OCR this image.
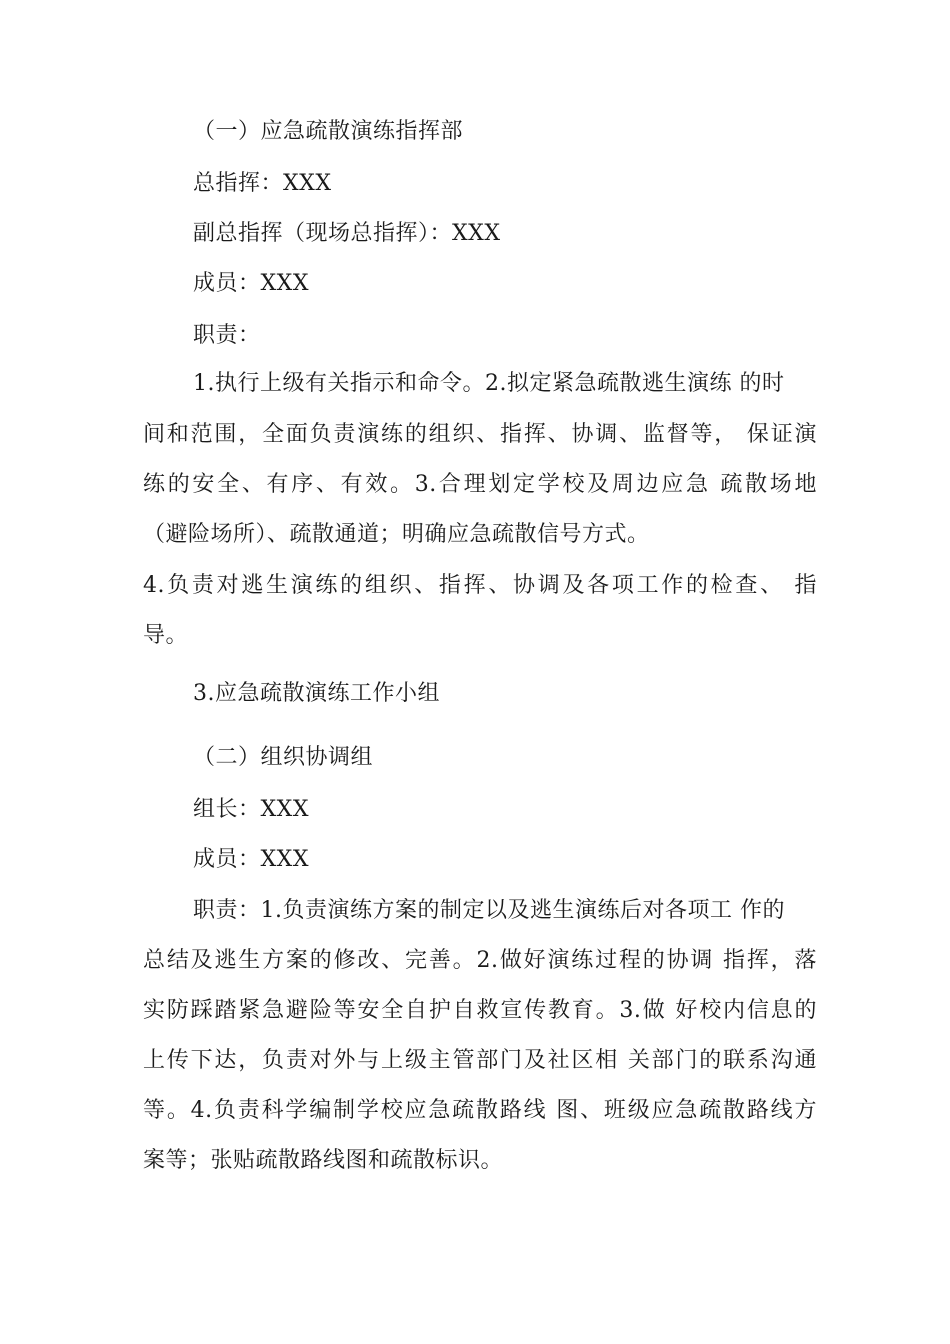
（一）应急疏散演练指挥部
总指挥：XXX
副总指挥（现场总指挥）：XXX
成员：XXX
职责：
1.执行上级有关指示和命令。2.拟定紧急疏散逃生演练 的时
间和范围，全面负责演练的组织、指挥、协调、监督等， 保证演
练的安全、有序、有效。3.合理划定学校及周边应急 疏散场地
（避险场所）、疏散通道；明确应急疏散信号方式。
4.负责对逃生演练的组织、指挥、协调及各项工作的检查、 指
导。
3.应急疏散演练工作小组
（二）组织协调组
组长：XXX
成员：XXX
职责：1.负责演练方案的制定以及逃生演练后对各项工 作的
总结及逃生方案的修改、完善。2.做好演练过程的协调 指挥，落
实防踩踏紧急避险等安全自护自救宣传教育。3.做 好校内信息的
上传下达，负责对外与上级主管部门及社区相 关部门的联系沟通
等。4.负责科学编制学校应急疏散路线 图、班级应急疏散路线方
案等；张贴疏散路线图和疏散标识。
